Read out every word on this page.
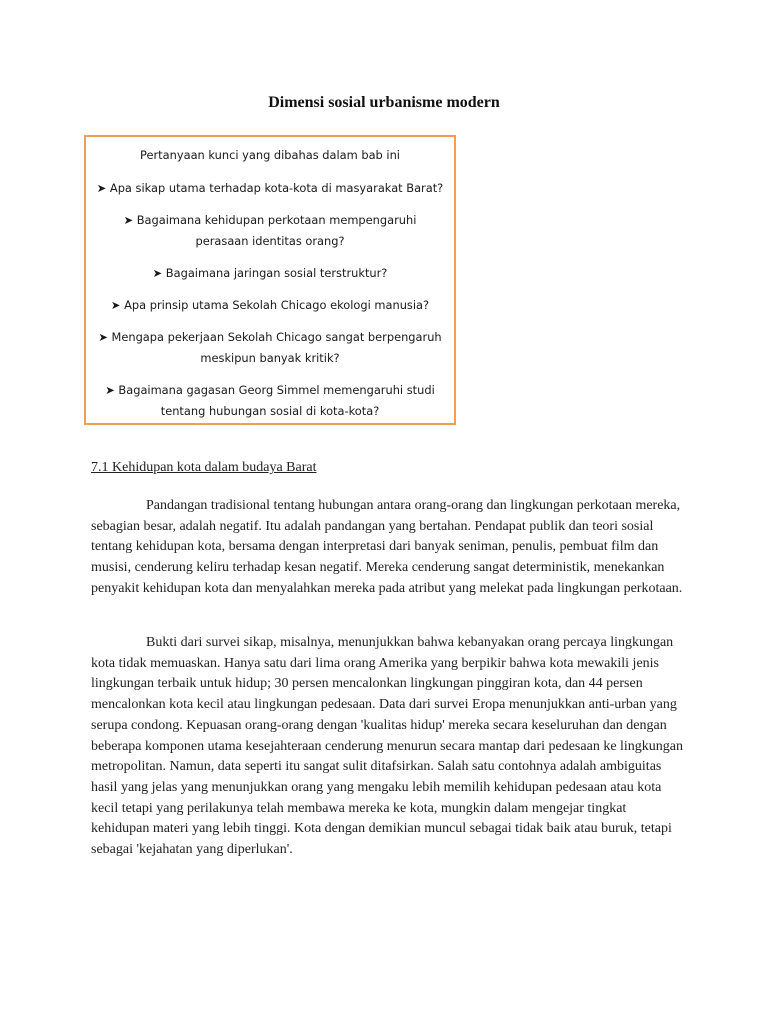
Dimensi sosial urbanisme modern
Pertanyaan kunci yang dibahas dalam bab ini
➤ Apa sikap utama terhadap kota-kota di masyarakat Barat?
➤ Bagaimana kehidupan perkotaan mempengaruhi perasaan identitas orang?
➤ Bagaimana jaringan sosial terstruktur?
➤ Apa prinsip utama Sekolah Chicago ekologi manusia?
➤ Mengapa pekerjaan Sekolah Chicago sangat berpengaruh meskipun banyak kritik?
➤ Bagaimana gagasan Georg Simmel memengaruhi studi tentang hubungan sosial di kota-kota?
7.1 Kehidupan kota dalam budaya Barat

Pandangan tradisional tentang hubungan antara orang-orang dan lingkungan perkotaan mereka, sebagian besar, adalah negatif. Itu adalah pandangan yang bertahan. Pendapat publik dan teori sosial tentang kehidupan kota, bersama dengan interpretasi dari banyak seniman, penulis, pembuat film dan musisi, cenderung keliru terhadap kesan negatif. Mereka cenderung sangat deterministik, menekankan penyakit kehidupan kota dan menyalahkan mereka pada atribut yang melekat pada lingkungan perkotaan.

Bukti dari survei sikap, misalnya, menunjukkan bahwa kebanyakan orang percaya lingkungan kota tidak memuaskan. Hanya satu dari lima orang Amerika yang berpikir bahwa kota mewakili jenis lingkungan terbaik untuk hidup; 30 persen mencalonkan lingkungan pinggiran kota, dan 44 persen mencalonkan kota kecil atau lingkungan pedesaan. Data dari survei Eropa menunjukkan anti-urban yang serupa condong. Kepuasan orang-orang dengan 'kualitas hidup' mereka secara keseluruhan dan dengan beberapa komponen utama kesejahteraan cenderung menurun secara mantap dari pedesaan ke lingkungan metropolitan. Namun, data seperti itu sangat sulit ditafsirkan. Salah satu contohnya adalah ambiguitas hasil yang jelas yang menunjukkan orang yang mengaku lebih memilih kehidupan pedesaan atau kota kecil tetapi yang perilakunya telah membawa mereka ke kota, mungkin dalam mengejar tingkat kehidupan materi yang lebih tinggi. Kota dengan demikian muncul sebagai tidak baik atau buruk, tetapi sebagai 'kejahatan yang diperlukan'.
